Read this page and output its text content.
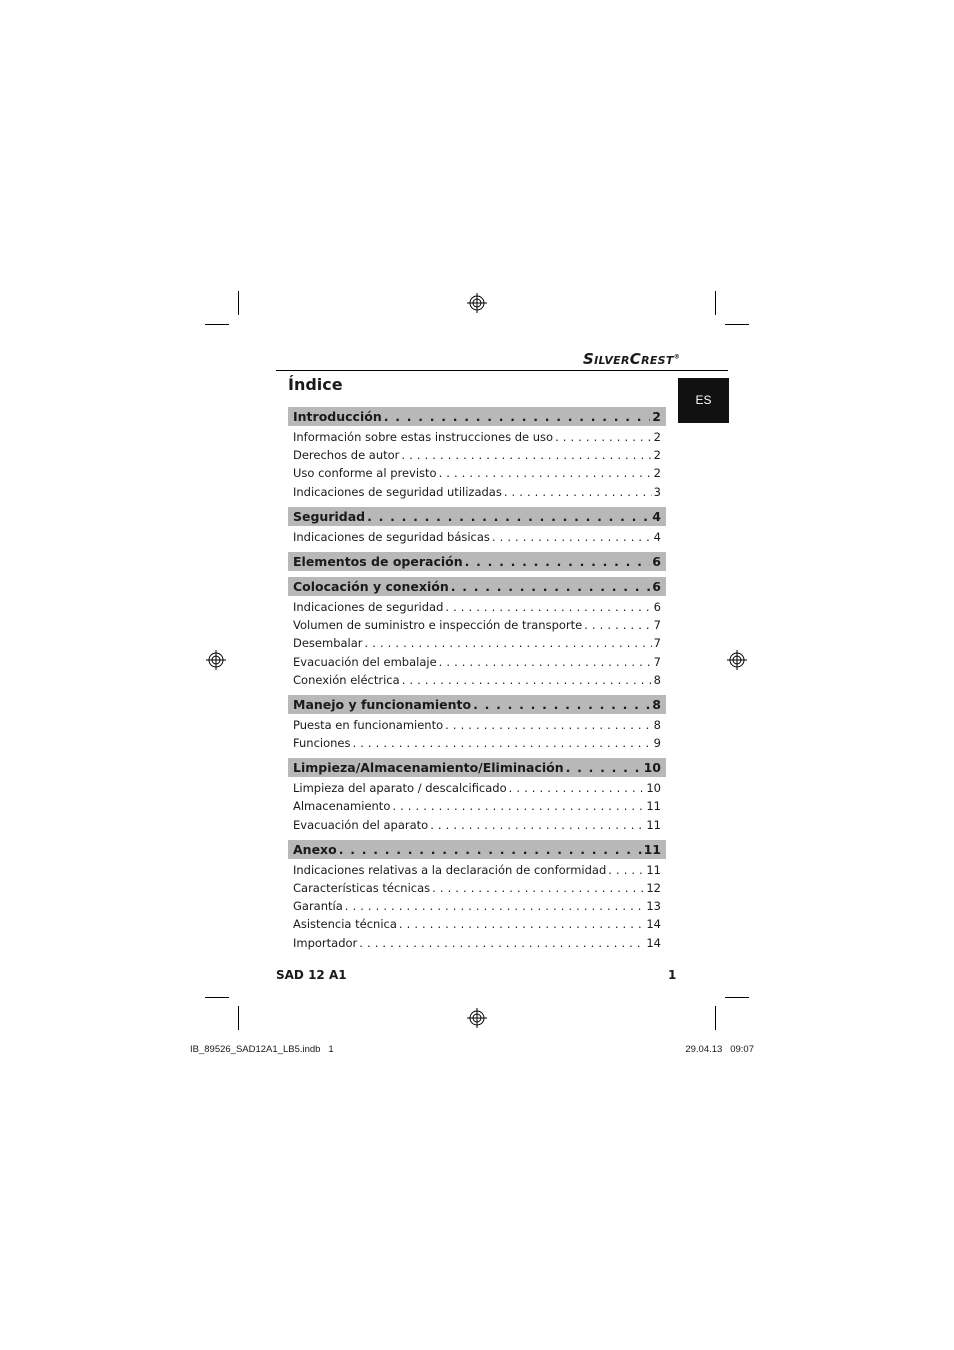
SILVERCREST®
ES
Índice
Introducción . . .	2
Información sobre estas instrucciones de uso . . .	2
Derechos de autor . . .	2
Uso conforme al previsto . . .	2
Indicaciones de seguridad utilizadas . . .	3
Seguridad . . .	4
Indicaciones de seguridad básicas . . .	4
Elementos de operación . . .	6
Colocación y conexión . . .	6
Indicaciones de seguridad . . .	6
Volumen de suministro e inspección de transporte . . .	7
Desembalar . . .	7
Evacuación del embalaje . . .	7
Conexión eléctrica . . .	8
Manejo y funcionamiento . . .	8
Puesta en funcionamiento . . .	8
Funciones . . .	9
Limpieza/Almacenamiento/Eliminación . . .	10
Limpieza del aparato / descalcificado . . .	10
Almacenamiento . . .	11
Evacuación del aparato . . .	11
Anexo . . .	11
Indicaciones relativas a la declaración de conformidad . . .	11
Características técnicas . . .	12
Garantía . . .	13
Asistencia técnica . . .	14
Importador . . .	14
SAD 12 A1	1
IB_89526_SAD12A1_LB5.indb   1	29.04.13   09:07
